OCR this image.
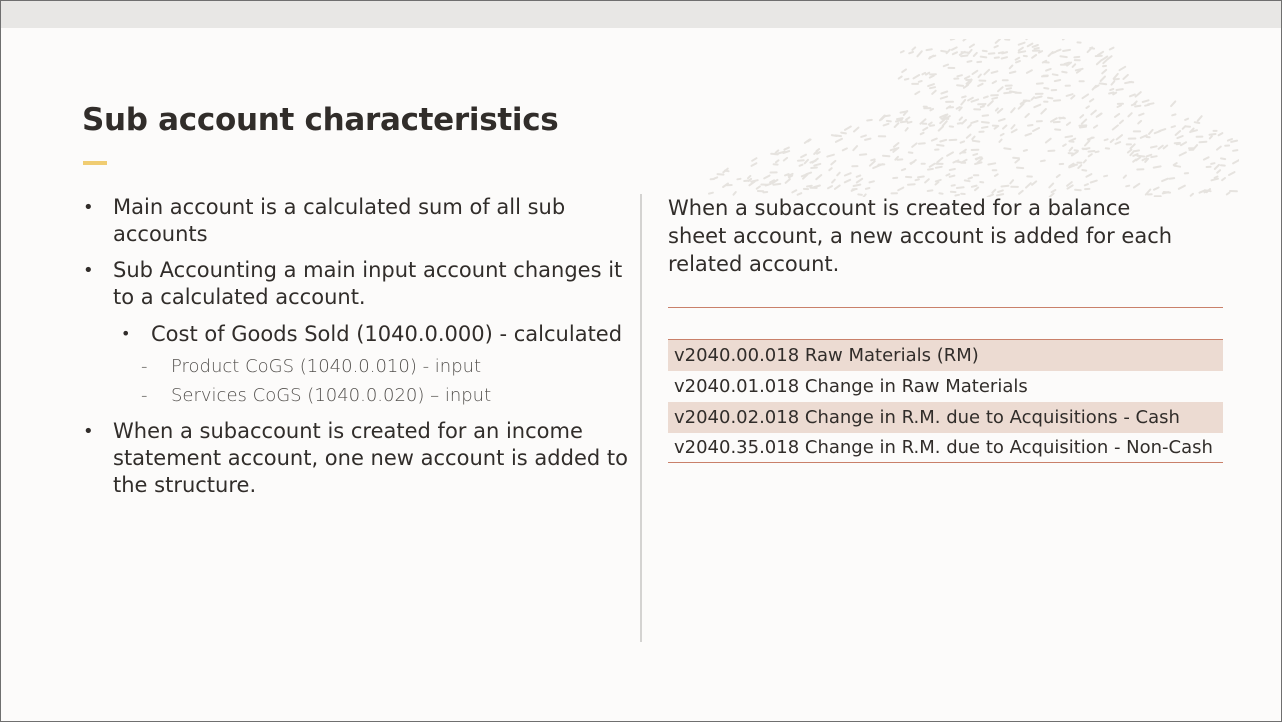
Sub account characteristics
• Main account is a calculated sum of all sub accounts
• Sub Accounting a main input account changes it to a calculated account.
• Cost of Goods Sold (1040.0.000) - calculated
- Product CoGS (1040.0.010) - input
- Services CoGS (1040.0.020) – input
• When a subaccount is created for an income statement account, one new account is added to the structure.

When a subaccount is created for a balance sheet account, a new account is added for each related account.

v2040.00.018 Raw Materials (RM)
v2040.01.018 Change in Raw Materials
v2040.02.018 Change in R.M. due to Acquisitions - Cash
v2040.35.018 Change in R.M. due to Acquisition - Non-Cash
